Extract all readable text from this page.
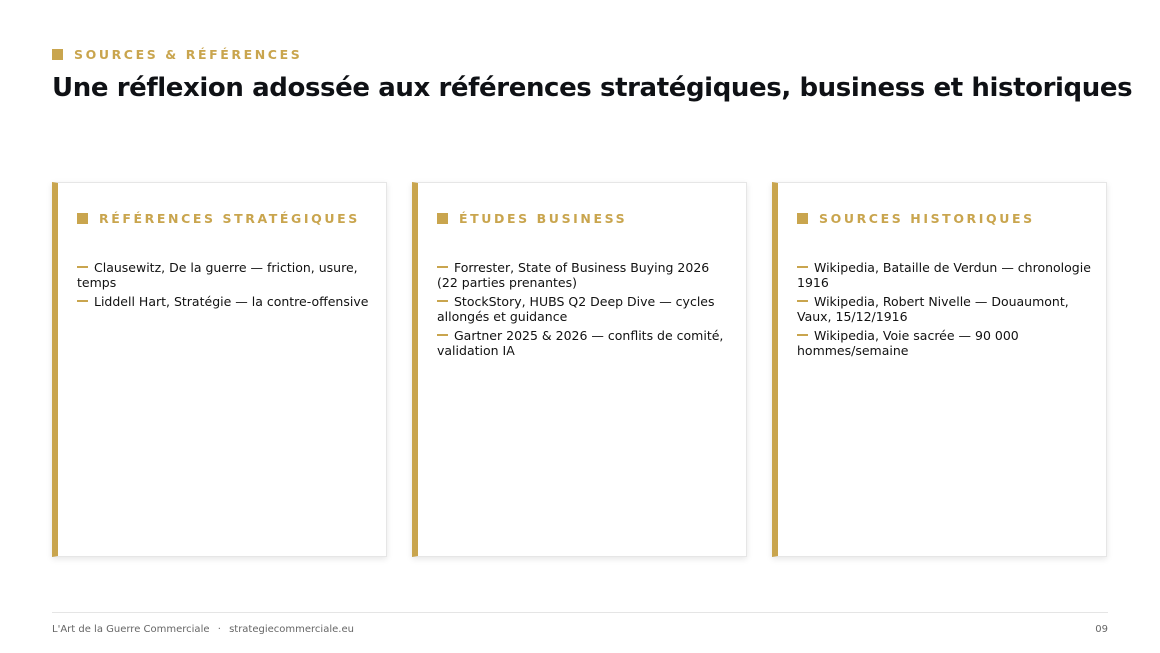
SOURCES & RÉFÉRENCES
Une réflexion adossée aux références stratégiques, business et historiques
RÉFÉRENCES STRATÉGIQUES
Clausewitz, De la guerre — friction, usure, temps
Liddell Hart, Stratégie — la contre-offensive
ÉTUDES BUSINESS
Forrester, State of Business Buying 2026 (22 parties prenantes)
StockStory, HUBS Q2 Deep Dive — cycles allongés et guidance
Gartner 2025 & 2026 — conflits de comité, validation IA
SOURCES HISTORIQUES
Wikipedia, Bataille de Verdun — chronologie 1916
Wikipedia, Robert Nivelle — Douaumont, Vaux, 15/12/1916
Wikipedia, Voie sacrée — 90 000 hommes/semaine
L'Art de la Guerre Commerciale · strategiecommerciale.eu	09
